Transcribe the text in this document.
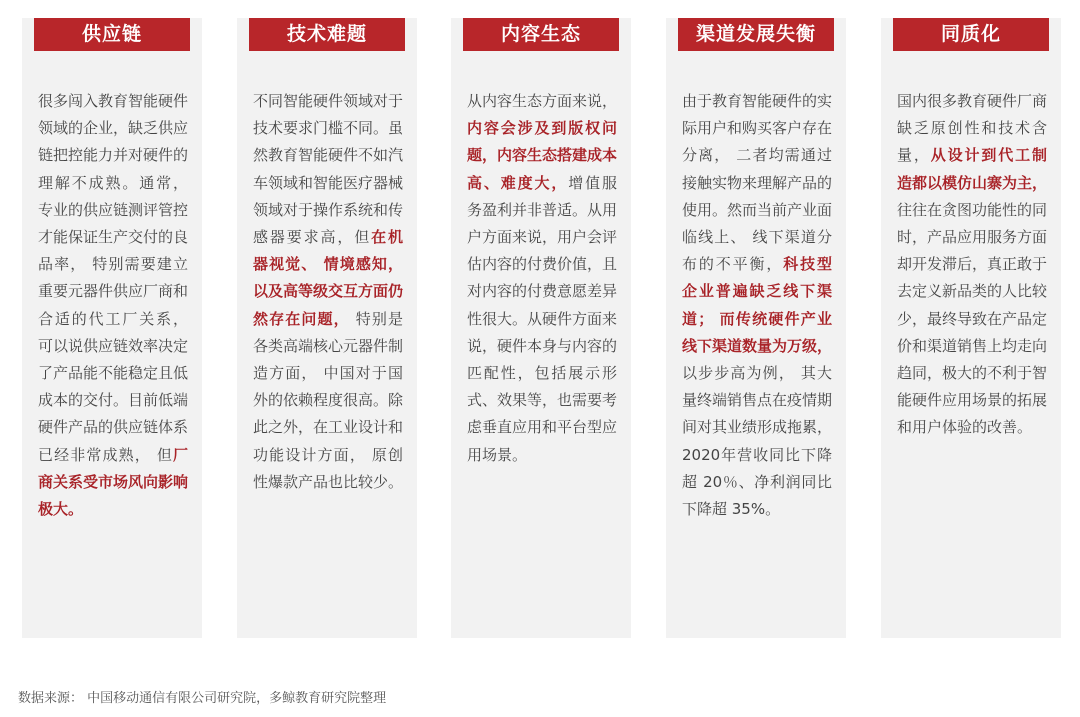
供应链
很多闯入教育智能硬件领域的企业，缺乏供应链把控能力并对硬件的理解不成熟。通常， 专业的供应链测评管控才能保证生产交付的良品率， 特别需要建立重要元器件供应厂商和合适的代工厂关系， 可以说供应链效率决定了产品能不能稳定且低成本的交付。目前低端硬件产品的供应链体系已经非常成熟， 但厂商关系受市场风向影响极大。
技术难题
不同智能硬件领域对于技术要求门槛不同。虽然教育智能硬件不如汽车领域和智能医疗器械领域对于操作系统和传感器要求高，但在机器视觉、 情境感知， 以及高等级交互方面仍然存在问题， 特别是各类高端核心元器件制造方面， 中国对于国外的依赖程度很高。除此之外，在工业设计和功能设计方面， 原创性爆款产品也比较少。
内容生态
从内容生态方面来说，内容会涉及到版权问题，内容生态搭建成本高、难度大，增值服务盈利并非普适。从用户方面来说，用户会评估内容的付费价值，且对内容的付费意愿差异性很大。从硬件方面来说，硬件本身与内容的匹配性，包括展示形式、效果等，也需要考虑垂直应用和平台型应用场景。
渠道发展失衡
由于教育智能硬件的实际用户和购买客户存在分离， 二者均需通过接触实物来理解产品的使用。然而当前产业面临线上、 线下渠道分布的不平衡，科技型企业普遍缺乏线下渠道； 而传统硬件产业线下渠道数量为万级，以步步高为例， 其大量终端销售点在疫情期间对其业绩形成拖累， 2020年营收同比下降超 20％、净利润同比下降超 35%。
同质化
国内很多教育硬件厂商缺乏原创性和技术含量，从设计到代工制造都以模仿山寨为主，往往在贪图功能性的同时，产品应用服务方面却开发滞后，真正敢于去定义新品类的人比较少，最终导致在产品定价和渠道销售上均走向趋同，极大的不利于智能硬件应用场景的拓展和用户体验的改善。
数据来源： 中国移动通信有限公司研究院，多鲸教育研究院整理
